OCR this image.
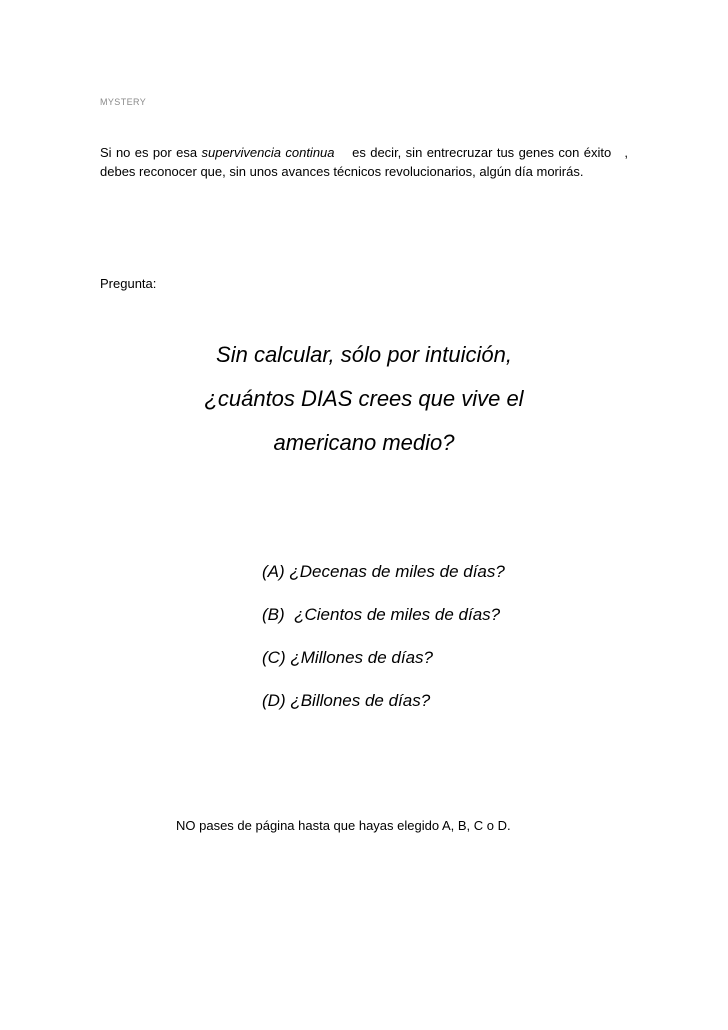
MYSTERY
Si no es por esa supervivencia continua    es decir, sin entrecruzar tus genes con éxito   , debes reconocer que, sin unos avances técnicos revolucionarios, algún día morirás.
Pregunta:
Sin calcular, sólo por intuición,
¿cuántos DIAS crees que vive el
americano medio?
(A) ¿Decenas de miles de días?
(B)  ¿Cientos de miles de días?
(C) ¿Millones de días?
(D) ¿Billones de días?
NO pases de página hasta que hayas elegido A, B, C o D.
